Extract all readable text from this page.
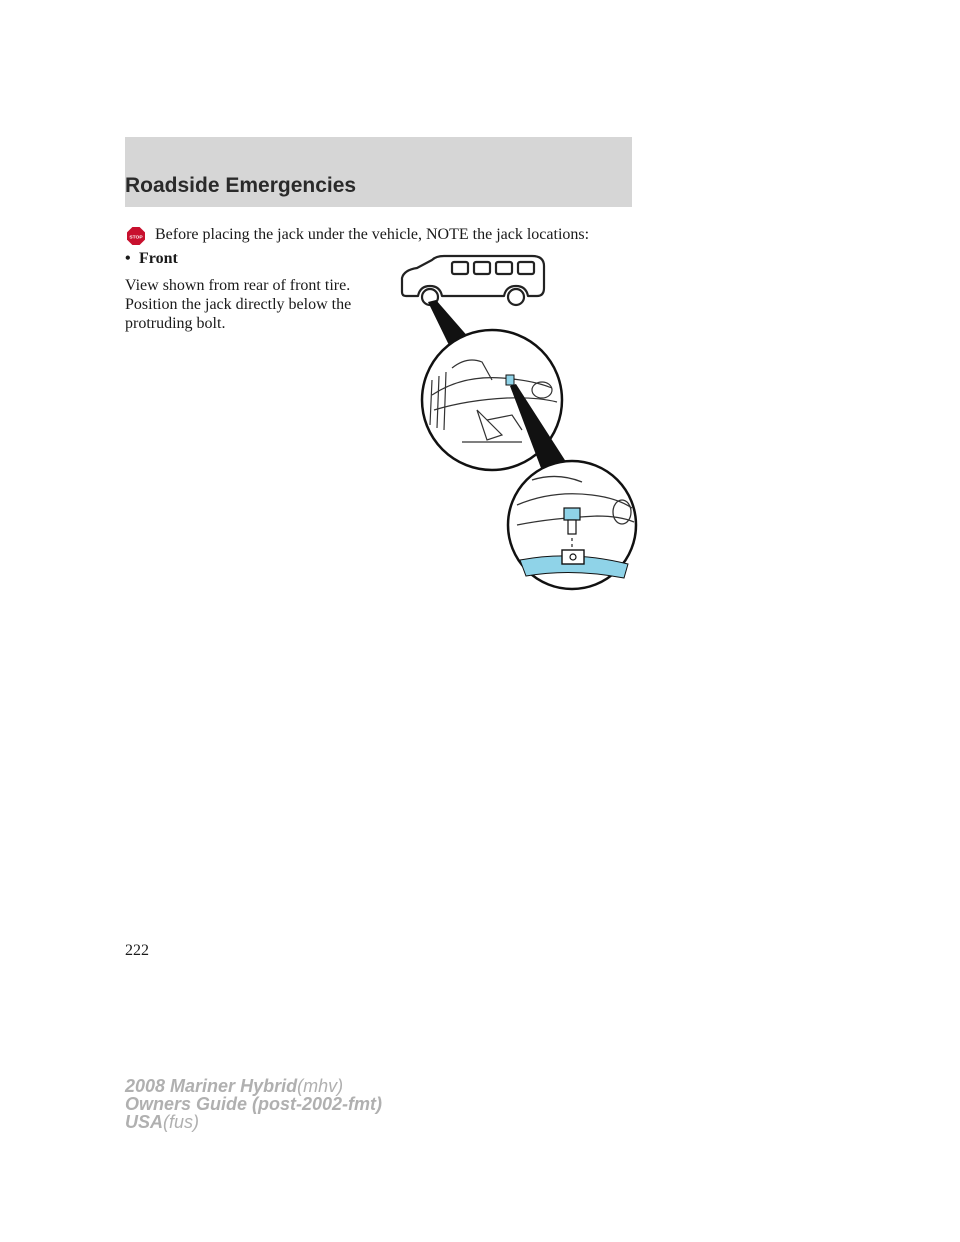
Roadside Emergencies
STOP Before placing the jack under the vehicle, NOTE the jack locations:
• Front
View shown from rear of front tire.
Position the jack directly below the
protruding bolt.
222
2008 Mariner Hybrid(mhv)
Owners Guide (post-2002-fmt)
USA(fus)
